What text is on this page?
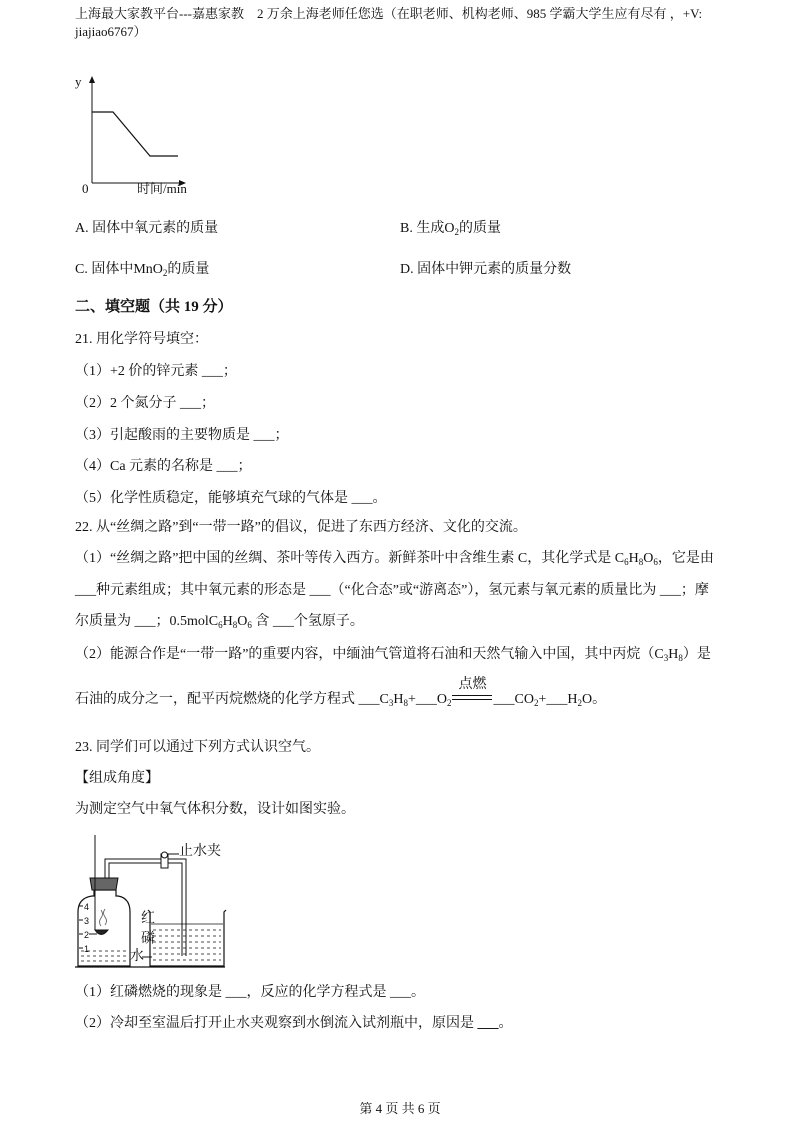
上海最大家教平台---嘉惠家教　2 万余上海老师任您选（在职老师、机构老师、985 学霸大学生应有尽有 ，+V:
jiajiao6767）
y
0	时间/min
A. 固体中氧元素的质量	B. 生成$O_2$的质量
C. 固体中MnO$_2$的质量	D. 固体中钾元素的质量分数
二、填空题（共 19 分）
21. 用化学符号填空：
（1）+2 价的锌元素 ___；
（2）2 个氮分子 ___；
（3）引起酸雨的主要物质是 ___；
（4）Ca 元素的名称是 ___；
（5）化学性质稳定，能够填充气球的气体是 ___。
22. 从“丝绸之路”到“一带一路”的倡议，促进了东西方经济、文化的交流。
（1）“丝绸之路”把中国的丝绸、茶叶等传入西方。新鲜茶叶中含维生素 C，其化学式是 $C_6H_8O_6$，它是由
___种元素组成；其中氧元素的形态是 ___（“化合态”或“游离态”），氢元素与氧元素的质量比为 ___；摩
尔质量为 ___；$0.5molC_6H_8O_6$ 含 ___个氢原子。
（2）能源合作是“一带一路”的重要内容，中缅油气管道将石油和天然气输入中国，其中丙烷$(C_3H_8)$是
石油的成分之一，配平丙烷燃烧的化学方程式 $\_\_\_C_3H_8+\_\_\_O_2$
点燃
$\_\_\_CO_2+\_\_\_H_2O$。
23. 同学们可以通过下列方式认识空气。
【组成角度】
为测定空气中氧气体积分数，设计如图实验。
4
3
2
1
止水夹
红磷
水
（1）红磷燃烧的现象是 ___，反应的化学方程式是 ___。
（2）冷却至室温后打开止水夹观察到水倒流入试剂瓶中，原因是 ___。
第 4 页 共 6 页
